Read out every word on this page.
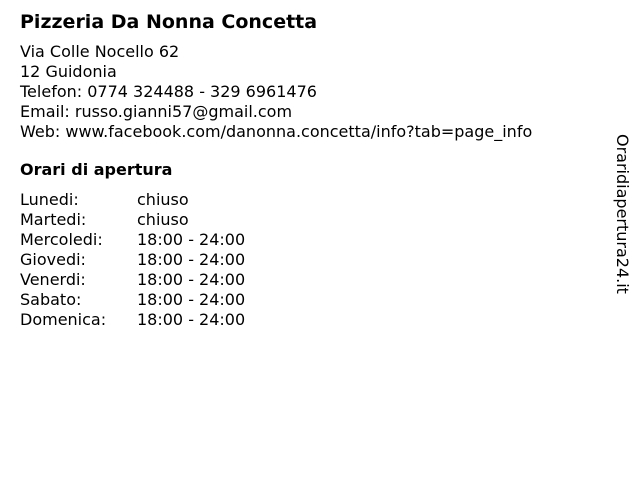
Pizzeria Da Nonna Concetta
Via Colle Nocello 62
12 Guidonia
Telefon: 0774 324488 - 329 6961476
Email: russo.gianni57@gmail.com
Web: www.facebook.com/danonna.concetta/info?tab=page_info
Orari di apertura
Lunedi:	chiuso
Martedi:	chiuso
Mercoledi:	18:00 - 24:00
Giovedi:	18:00 - 24:00
Venerdi:	18:00 - 24:00
Sabato:	18:00 - 24:00
Domenica:	18:00 - 24:00
Oraridiapertura24.it
